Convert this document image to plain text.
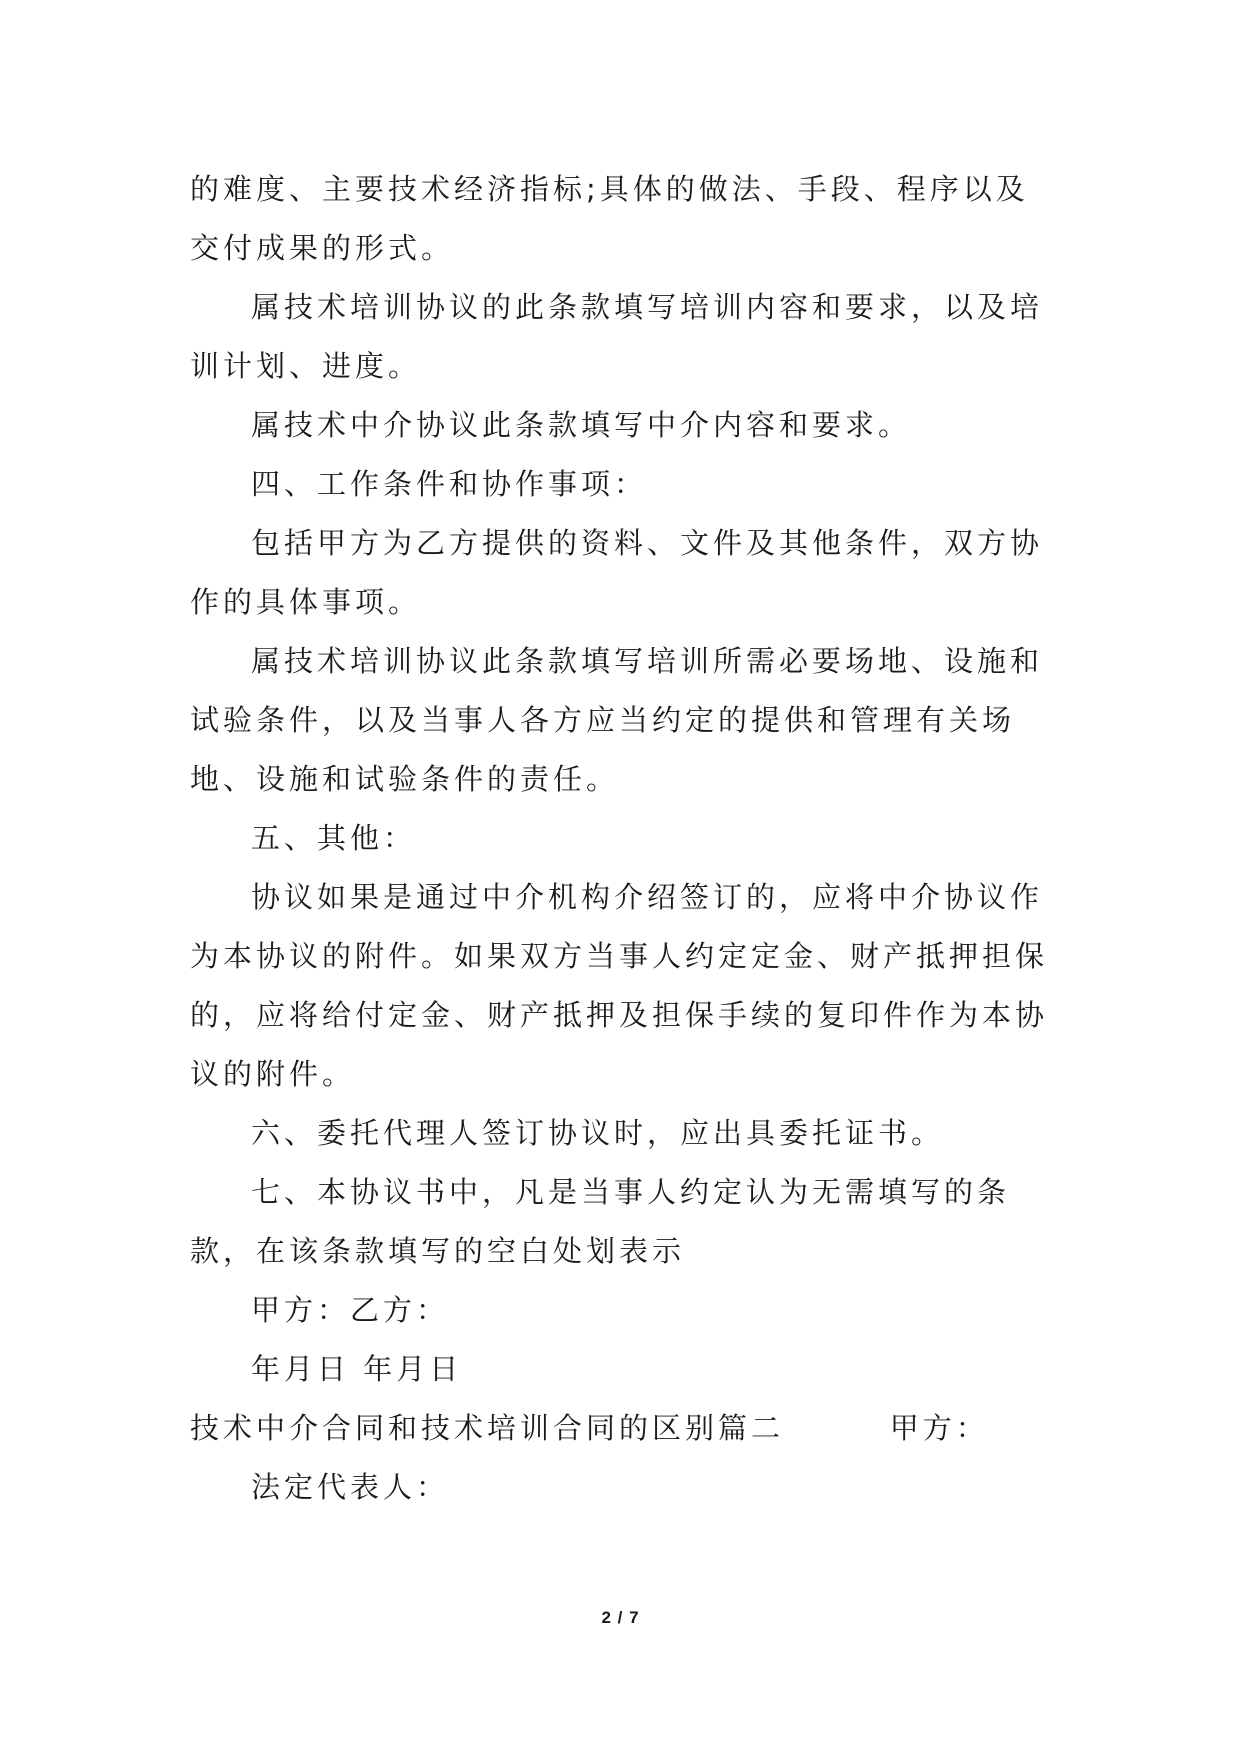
的难度、主要技术经济指标;具体的做法、手段、程序以及交付成果的形式。

属技术培训协议的此条款填写培训内容和要求，以及培训计划、进度。

属技术中介协议此条款填写中介内容和要求。

四、工作条件和协作事项：

包括甲方为乙方提供的资料、文件及其他条件，双方协作的具体事项。

属技术培训协议此条款填写培训所需必要场地、设施和试验条件，以及当事人各方应当约定的提供和管理有关场地、设施和试验条件的责任。

五、其他：

协议如果是通过中介机构介绍签订的，应将中介协议作为本协议的附件。如果双方当事人约定定金、财产抵押担保的，应将给付定金、财产抵押及担保手续的复印件作为本协议的附件。

六、委托代理人签订协议时，应出具委托证书。

七、本协议书中，凡是当事人约定认为无需填写的条款，在该条款填写的空白处划表示

甲方：乙方：

年月日 年月日

技术中介合同和技术培训合同的区别篇二	甲方：

法定代表人：

2 / 7
